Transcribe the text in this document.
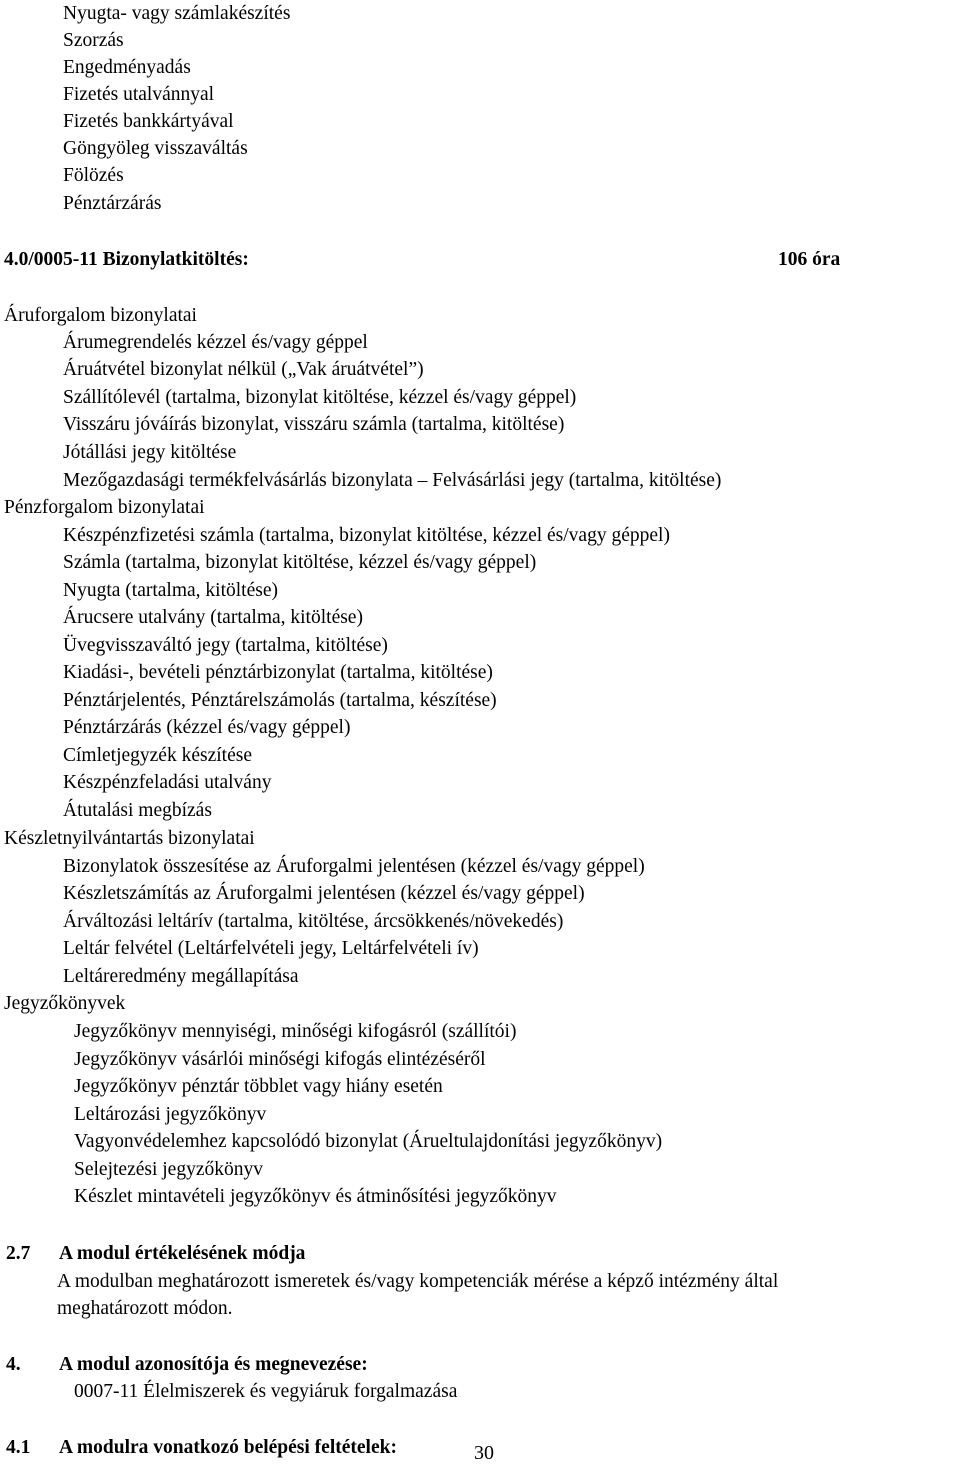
Nyugta- vagy számlakészítés
Szorzás
Engedményadás
Fizetés utalvánnyal
Fizetés bankkártyával
Göngyöleg visszaváltás
Fölözés
Pénztárzárás
4.0/0005-11 Bizonylatkitöltés:	106 óra
Áruforgalom bizonylatai
Árumegrendelés kézzel és/vagy géppel
Áruátvétel bizonylat nélkül („Vak áruátvétel”)
Szállítólevél (tartalma, bizonylat kitöltése, kézzel és/vagy géppel)
Visszáru jóváírás bizonylat, visszáru számla (tartalma, kitöltése)
Jótállási jegy kitöltése
Mezőgazdasági termékfelvásárlás bizonylata – Felvásárlási jegy (tartalma, kitöltése)
Pénzforgalom bizonylatai
Készpénzfizetési számla (tartalma, bizonylat kitöltése, kézzel és/vagy géppel)
Számla (tartalma, bizonylat kitöltése, kézzel és/vagy géppel)
Nyugta (tartalma, kitöltése)
Árucsere utalvány (tartalma, kitöltése)
Üvegvisszaváltó jegy (tartalma, kitöltése)
Kiadási-, bevételi pénztárbizonylat (tartalma, kitöltése)
Pénztárjelentés, Pénztárelszámolás (tartalma, készítése)
Pénztárzárás (kézzel és/vagy géppel)
Címletjegyzék készítése
Készpénzfeladási utalvány
Átutalási megbízás
Készletnyilvántartás bizonylatai
Bizonylatok összesítése az Áruforgalmi jelentésen (kézzel és/vagy géppel)
Készletszámítás az Áruforgalmi jelentésen (kézzel és/vagy géppel)
Árváltozási leltárív (tartalma, kitöltése, árcsökkenés/növekedés)
Leltár felvétel (Leltárfelvételi jegy, Leltárfelvételi ív)
Leltáreredmény megállapítása
Jegyzőkönyvek
Jegyzőkönyv mennyiségi, minőségi kifogásról (szállítói)
Jegyzőkönyv vásárlói minőségi kifogás elintézéséről
Jegyzőkönyv pénztár többlet vagy hiány esetén
Leltározási jegyzőkönyv
Vagyonvédelemhez kapcsolódó bizonylat (Árueltulajdonítási jegyzőkönyv)
Selejtezési jegyzőkönyv
Készlet mintavételi jegyzőkönyv és átminősítési jegyzőkönyv
2.7 A modul értékelésének módja
A modulban meghatározott ismeretek és/vagy kompetenciák mérése a képző intézmény által
meghatározott módon.
4. A modul azonosítója és megnevezése:
0007-11 Élelmiszerek és vegyiáruk forgalmazása
4.1 A modulra vonatkozó belépési feltételek:	30
